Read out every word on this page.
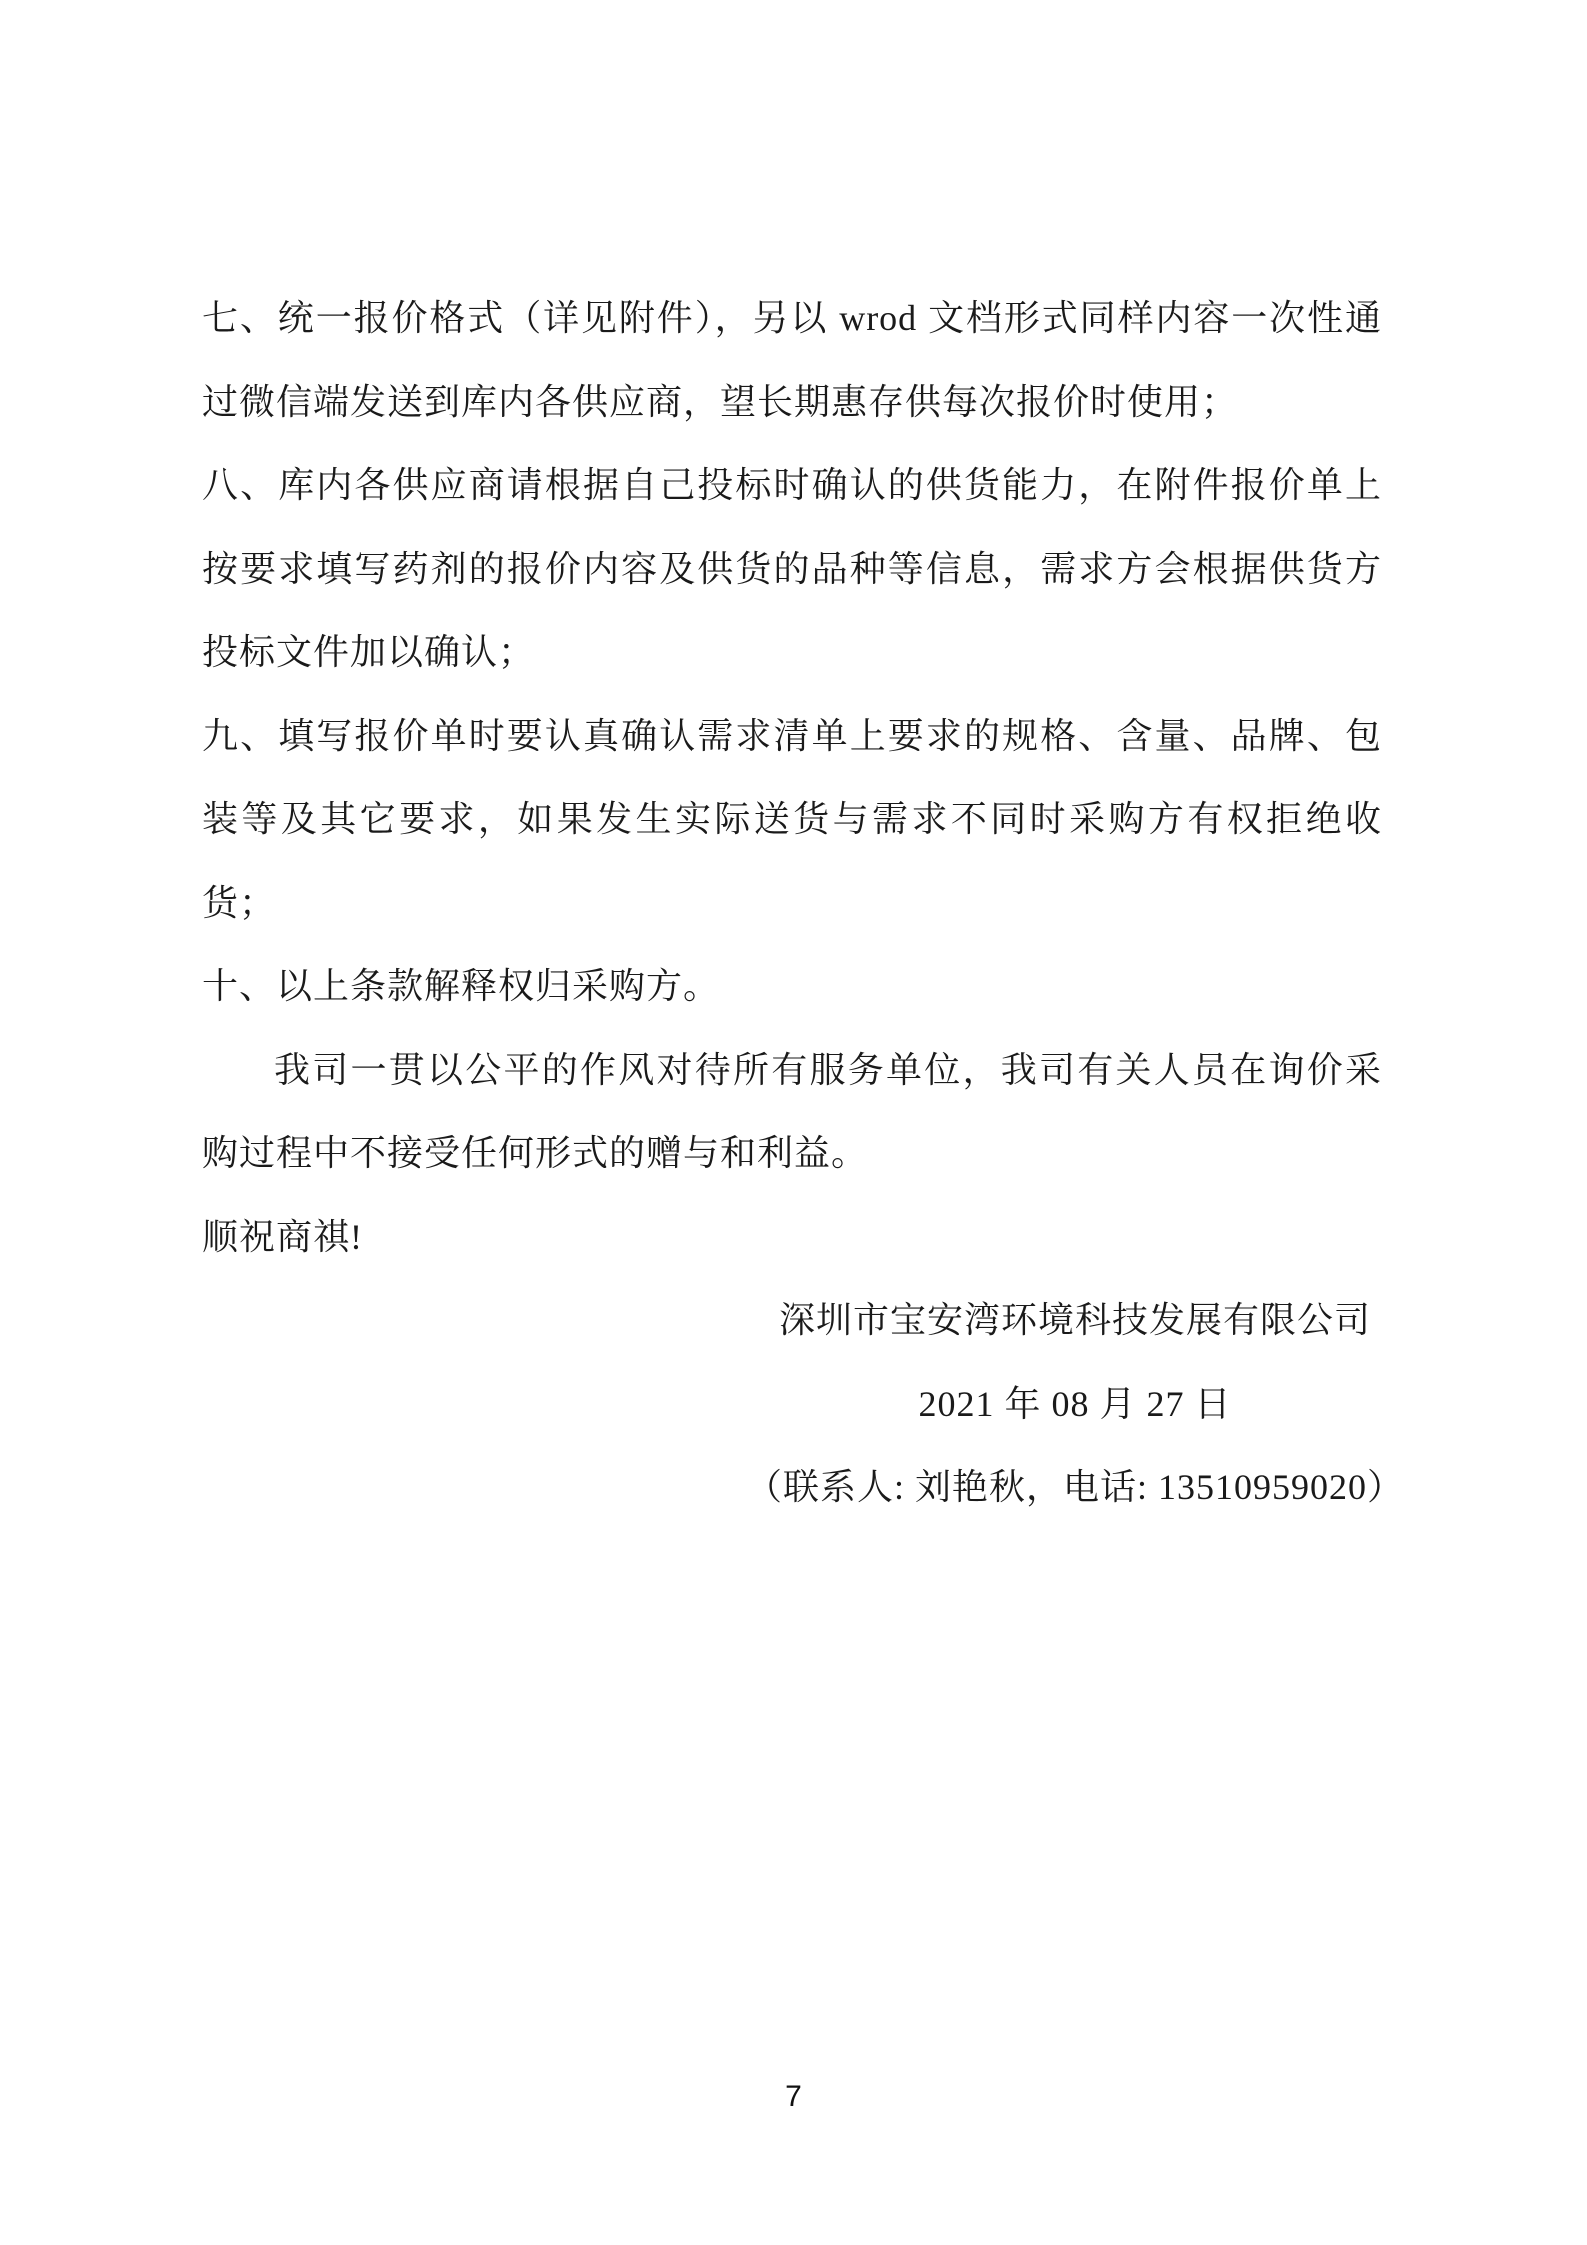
七、统一报价格式（详见附件），另以 wrod 文档形式同样内容一次性通过微信端发送到库内各供应商，望长期惠存供每次报价时使用；

八、库内各供应商请根据自己投标时确认的供货能力，在附件报价单上按要求填写药剂的报价内容及供货的品种等信息，需求方会根据供货方投标文件加以确认；

九、填写报价单时要认真确认需求清单上要求的规格、含量、品牌、包装等及其它要求，如果发生实际送货与需求不同时采购方有权拒绝收货；

十、以上条款解释权归采购方。

我司一贯以公平的作风对待所有服务单位，我司有关人员在询价采购过程中不接受任何形式的赠与和利益。

顺祝商祺!

深圳市宝安湾环境科技发展有限公司
2021 年 08 月 27 日
（联系人: 刘艳秋，电话: 13510959020）
7
